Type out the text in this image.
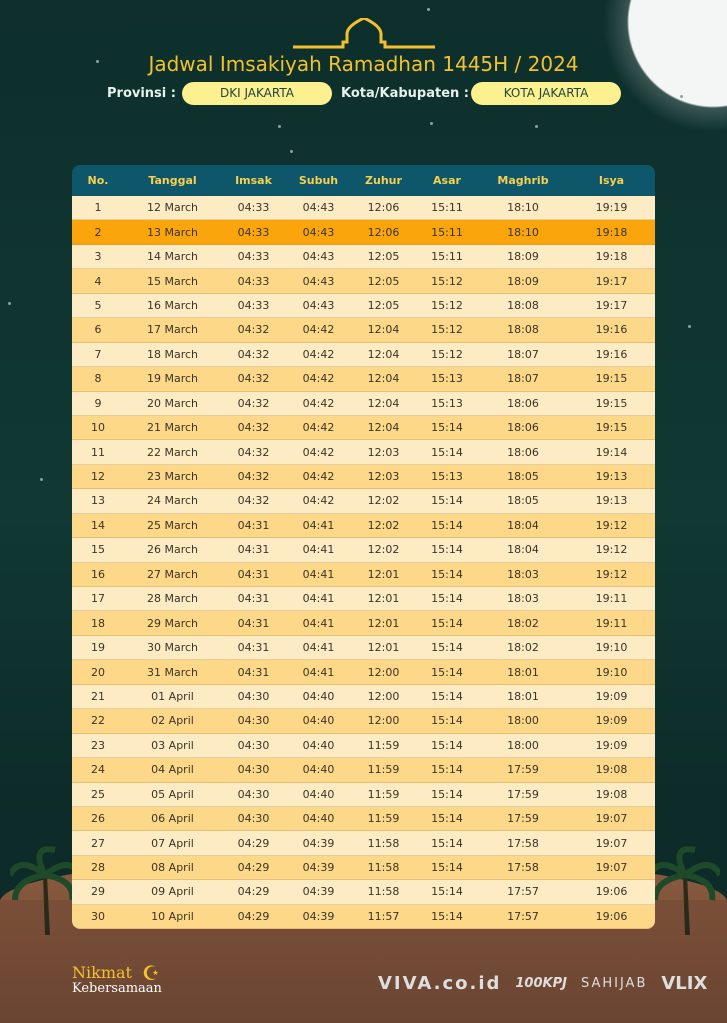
Jadwal Imsakiyah Ramadhan 1445H / 2024
Provinsi :	DKI JAKARTA	Kota/Kabupaten :	KOTA JAKARTA
No.	Tanggal	Imsak	Subuh	Zuhur	Asar	Maghrib	Isya
1	12 March	04:33	04:43	12:06	15:11	18:10	19:19
2	13 March	04:33	04:43	12:06	15:11	18:10	19:18
3	14 March	04:33	04:43	12:05	15:11	18:09	19:18
4	15 March	04:33	04:43	12:05	15:12	18:09	19:17
5	16 March	04:33	04:43	12:05	15:12	18:08	19:17
6	17 March	04:32	04:42	12:04	15:12	18:08	19:16
7	18 March	04:32	04:42	12:04	15:12	18:07	19:16
8	19 March	04:32	04:42	12:04	15:13	18:07	19:15
9	20 March	04:32	04:42	12:04	15:13	18:06	19:15
10	21 March	04:32	04:42	12:04	15:14	18:06	19:15
11	22 March	04:32	04:42	12:03	15:14	18:06	19:14
12	23 March	04:32	04:42	12:03	15:13	18:05	19:13
13	24 March	04:32	04:42	12:02	15:14	18:05	19:13
14	25 March	04:31	04:41	12:02	15:14	18:04	19:12
15	26 March	04:31	04:41	12:02	15:14	18:04	19:12
16	27 March	04:31	04:41	12:01	15:14	18:03	19:12
17	28 March	04:31	04:41	12:01	15:14	18:03	19:11
18	29 March	04:31	04:41	12:01	15:14	18:02	19:11
19	30 March	04:31	04:41	12:01	15:14	18:02	19:10
20	31 March	04:31	04:41	12:00	15:14	18:01	19:10
21	01 April	04:30	04:40	12:00	15:14	18:01	19:09
22	02 April	04:30	04:40	12:00	15:14	18:00	19:09
23	03 April	04:30	04:40	11:59	15:14	18:00	19:09
24	04 April	04:30	04:40	11:59	15:14	17:59	19:08
25	05 April	04:30	04:40	11:59	15:14	17:59	19:08
26	06 April	04:30	04:40	11:59	15:14	17:59	19:07
27	07 April	04:29	04:39	11:58	15:14	17:58	19:07
28	08 April	04:29	04:39	11:58	15:14	17:58	19:07
29	09 April	04:29	04:39	11:58	15:14	17:57	19:06
30	10 April	04:29	04:39	11:57	15:14	17:57	19:06
Nikmat
Kebersamaan
☪	VIVA.co.id 100KPJ SAHIJAB VLIX
